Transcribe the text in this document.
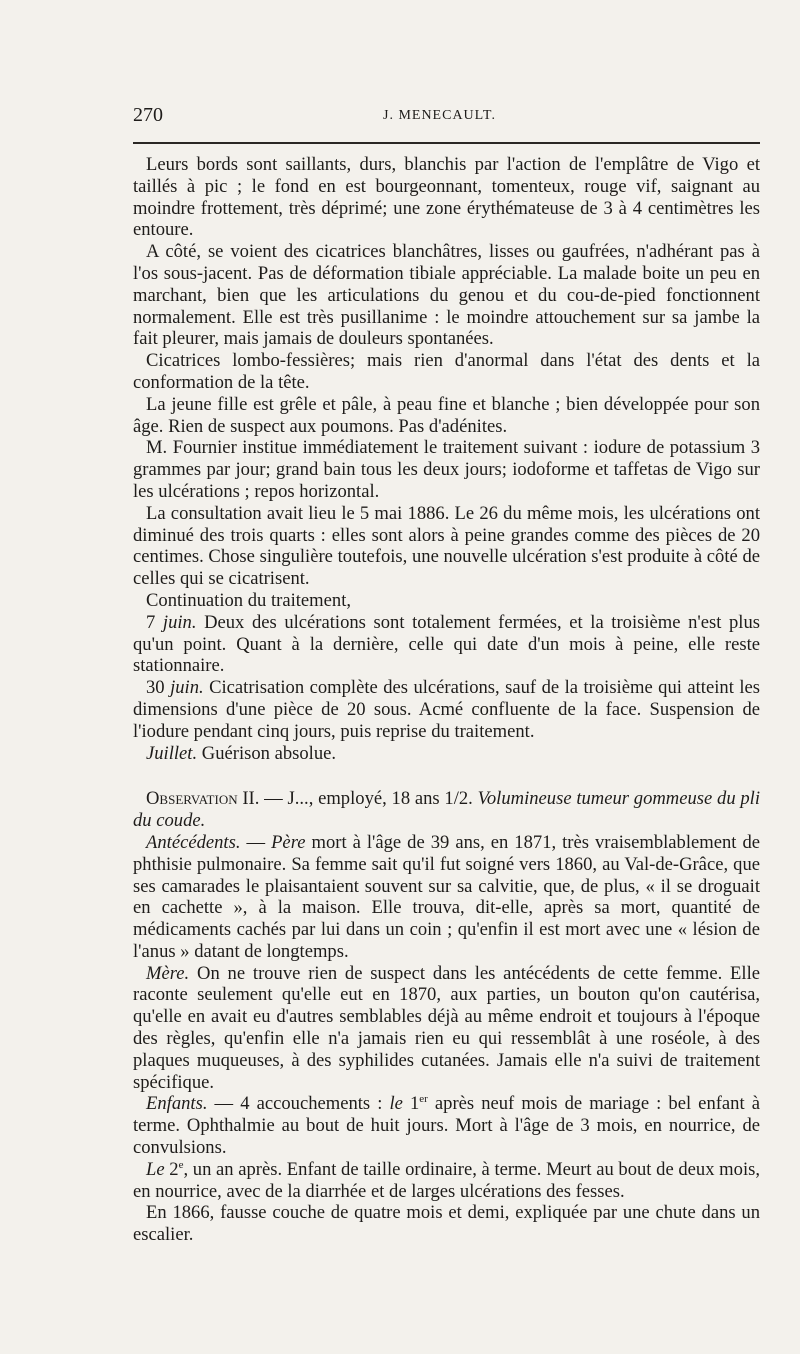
270	J. MENECAULT.

Leurs bords sont saillants, durs, blanchis par l'action de l'emplâtre de Vigo et taillés à pic ; le fond en est bourgeonnant, tomenteux, rouge vif, saignant au moindre frottement, très déprimé; une zone érythémateuse de 3 à 4 centimètres les entoure.

A côté, se voient des cicatrices blanchâtres, lisses ou gaufrées, n'adhérant pas à l'os sous-jacent. Pas de déformation tibiale appréciable. La malade boite un peu en marchant, bien que les articulations du genou et du cou-de-pied fonctionnent normalement. Elle est très pusillanime : le moindre attouchement sur sa jambe la fait pleurer, mais jamais de douleurs spontanées.

Cicatrices lombo-fessières; mais rien d'anormal dans l'état des dents et la conformation de la tête.

La jeune fille est grêle et pâle, à peau fine et blanche ; bien développée pour son âge. Rien de suspect aux poumons. Pas d'adénites.

M. Fournier institue immédiatement le traitement suivant : iodure de potassium 3 grammes par jour; grand bain tous les deux jours; iodoforme et taffetas de Vigo sur les ulcérations ; repos horizontal.

La consultation avait lieu le 5 mai 1886. Le 26 du même mois, les ulcérations ont diminué des trois quarts : elles sont alors à peine grandes comme des pièces de 20 centimes. Chose singulière toutefois, une nouvelle ulcération s'est produite à côté de celles qui se cicatrisent.

Continuation du traitement,

7 juin. Deux des ulcérations sont totalement fermées, et la troisième n'est plus qu'un point. Quant à la dernière, celle qui date d'un mois à peine, elle reste stationnaire.

30 juin. Cicatrisation complète des ulcérations, sauf de la troisième qui atteint les dimensions d'une pièce de 20 sous. Acmé confluente de la face. Suspension de l'iodure pendant cinq jours, puis reprise du traitement.

Juillet. Guérison absolue.

Observation II. — J..., employé, 18 ans 1/2. Volumineuse tumeur gommeuse du pli du coude.

Antécédents. — Père mort à l'âge de 39 ans, en 1871, très vraisemblablement de phthisie pulmonaire. Sa femme sait qu'il fut soigné vers 1860, au Val-de-Grâce, que ses camarades le plaisantaient souvent sur sa calvitie, que, de plus, « il se droguait en cachette », à la maison. Elle trouva, dit-elle, après sa mort, quantité de médicaments cachés par lui dans un coin ; qu'enfin il est mort avec une « lésion de l'anus » datant de longtemps.

Mère. On ne trouve rien de suspect dans les antécédents de cette femme. Elle raconte seulement qu'elle eut en 1870, aux parties, un bouton qu'on cautérisa, qu'elle en avait eu d'autres semblables déjà au même endroit et toujours à l'époque des règles, qu'enfin elle n'a jamais rien eu qui ressemblât à une roséole, à des plaques muqueuses, à des syphilides cutanées. Jamais elle n'a suivi de traitement spécifique.

Enfants. — 4 accouchements : le 1er après neuf mois de mariage : bel enfant à terme. Ophthalmie au bout de huit jours. Mort à l'âge de 3 mois, en nourrice, de convulsions.

Le 2e, un an après. Enfant de taille ordinaire, à terme. Meurt au bout de deux mois, en nourrice, avec de la diarrhée et de larges ulcérations des fesses.

En 1866, fausse couche de quatre mois et demi, expliquée par une chute dans un escalier.
